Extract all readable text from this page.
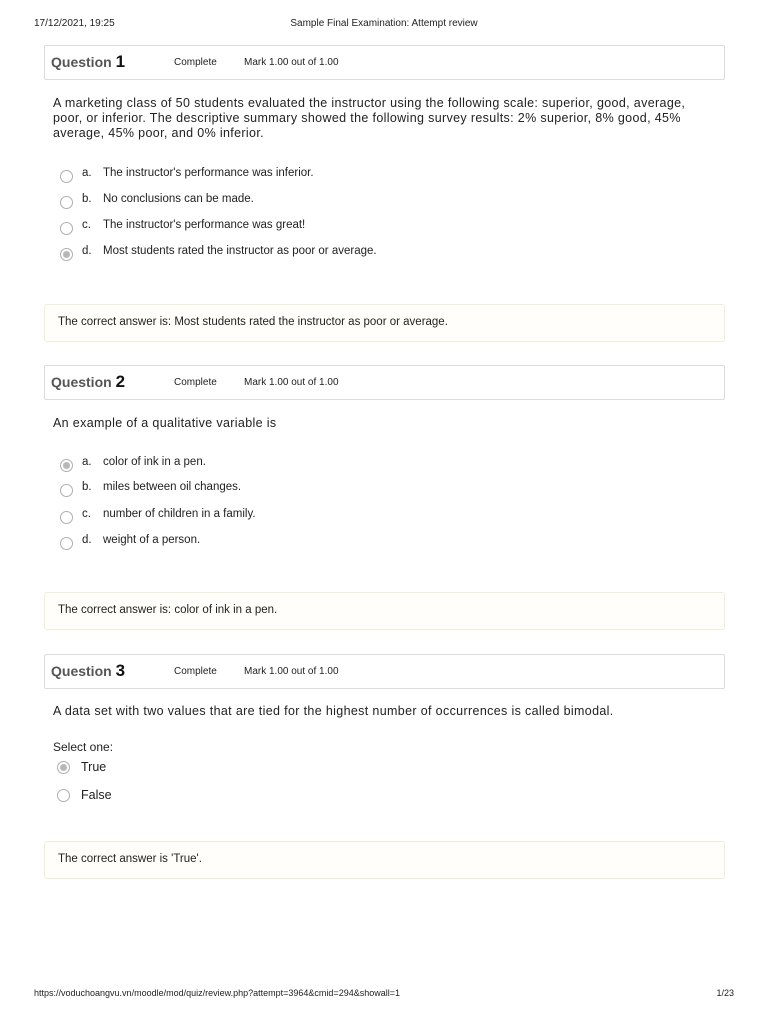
17/12/2021, 19:25	Sample Final Examination: Attempt review
Question 1	Complete	Mark 1.00 out of 1.00
A marketing class of 50 students evaluated the instructor using the following scale: superior, good, average, poor, or inferior. The descriptive summary showed the following survey results: 2% superior, 8% good, 45% average, 45% poor, and 0% inferior.
a. The instructor's performance was inferior.
b. No conclusions can be made.
c. The instructor's performance was great!
d. Most students rated the instructor as poor or average.
The correct answer is: Most students rated the instructor as poor or average.
Question 2	Complete	Mark 1.00 out of 1.00
An example of a qualitative variable is
a. color of ink in a pen.
b. miles between oil changes.
c. number of children in a family.
d. weight of a person.
The correct answer is: color of ink in a pen.
Question 3	Complete	Mark 1.00 out of 1.00
A data set with two values that are tied for the highest number of occurrences is called bimodal.
Select one:
True
False
The correct answer is 'True'.
https://voduchoangvu.vn/moodle/mod/quiz/review.php?attempt=3964&cmid=294&showall=1	1/23
